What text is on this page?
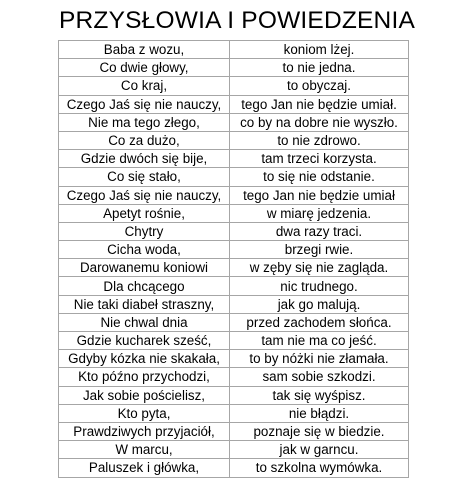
PRZYSŁOWIA I POWIEDZENIA
Baba z wozu,	koniom lżej.
Co dwie głowy,	to nie jedna.
Co kraj,	to obyczaj.
Czego Jaś się nie nauczy,	tego Jan nie będzie umiał.
Nie ma tego złego,	co by na dobre nie wyszło.
Co za dużo,	to nie zdrowo.
Gdzie dwóch się bije,	tam trzeci korzysta.
Co się stało,	to się nie odstanie.
Czego Jaś się nie nauczy,	tego Jan nie będzie umiał
Apetyt rośnie,	w miarę jedzenia.
Chytry	dwa razy traci.
Cicha woda,	brzegi rwie.
Darowanemu koniowi	w zęby się nie zagląda.
Dla chcącego	nic trudnego.
Nie taki diabeł straszny,	jak go malują.
Nie chwal dnia	przed zachodem słońca.
Gdzie kucharek sześć,	tam nie ma co jeść.
Gdyby kózka nie skakała,	to by nóżki nie złamała.
Kto późno przychodzi,	sam sobie szkodzi.
Jak sobie pościelisz,	tak się wyśpisz.
Kto pyta,	nie błądzi.
Prawdziwych przyjaciół,	poznaje się w biedzie.
W marcu,	jak w garncu.
Paluszek i główka,	to szkolna wymówka.
